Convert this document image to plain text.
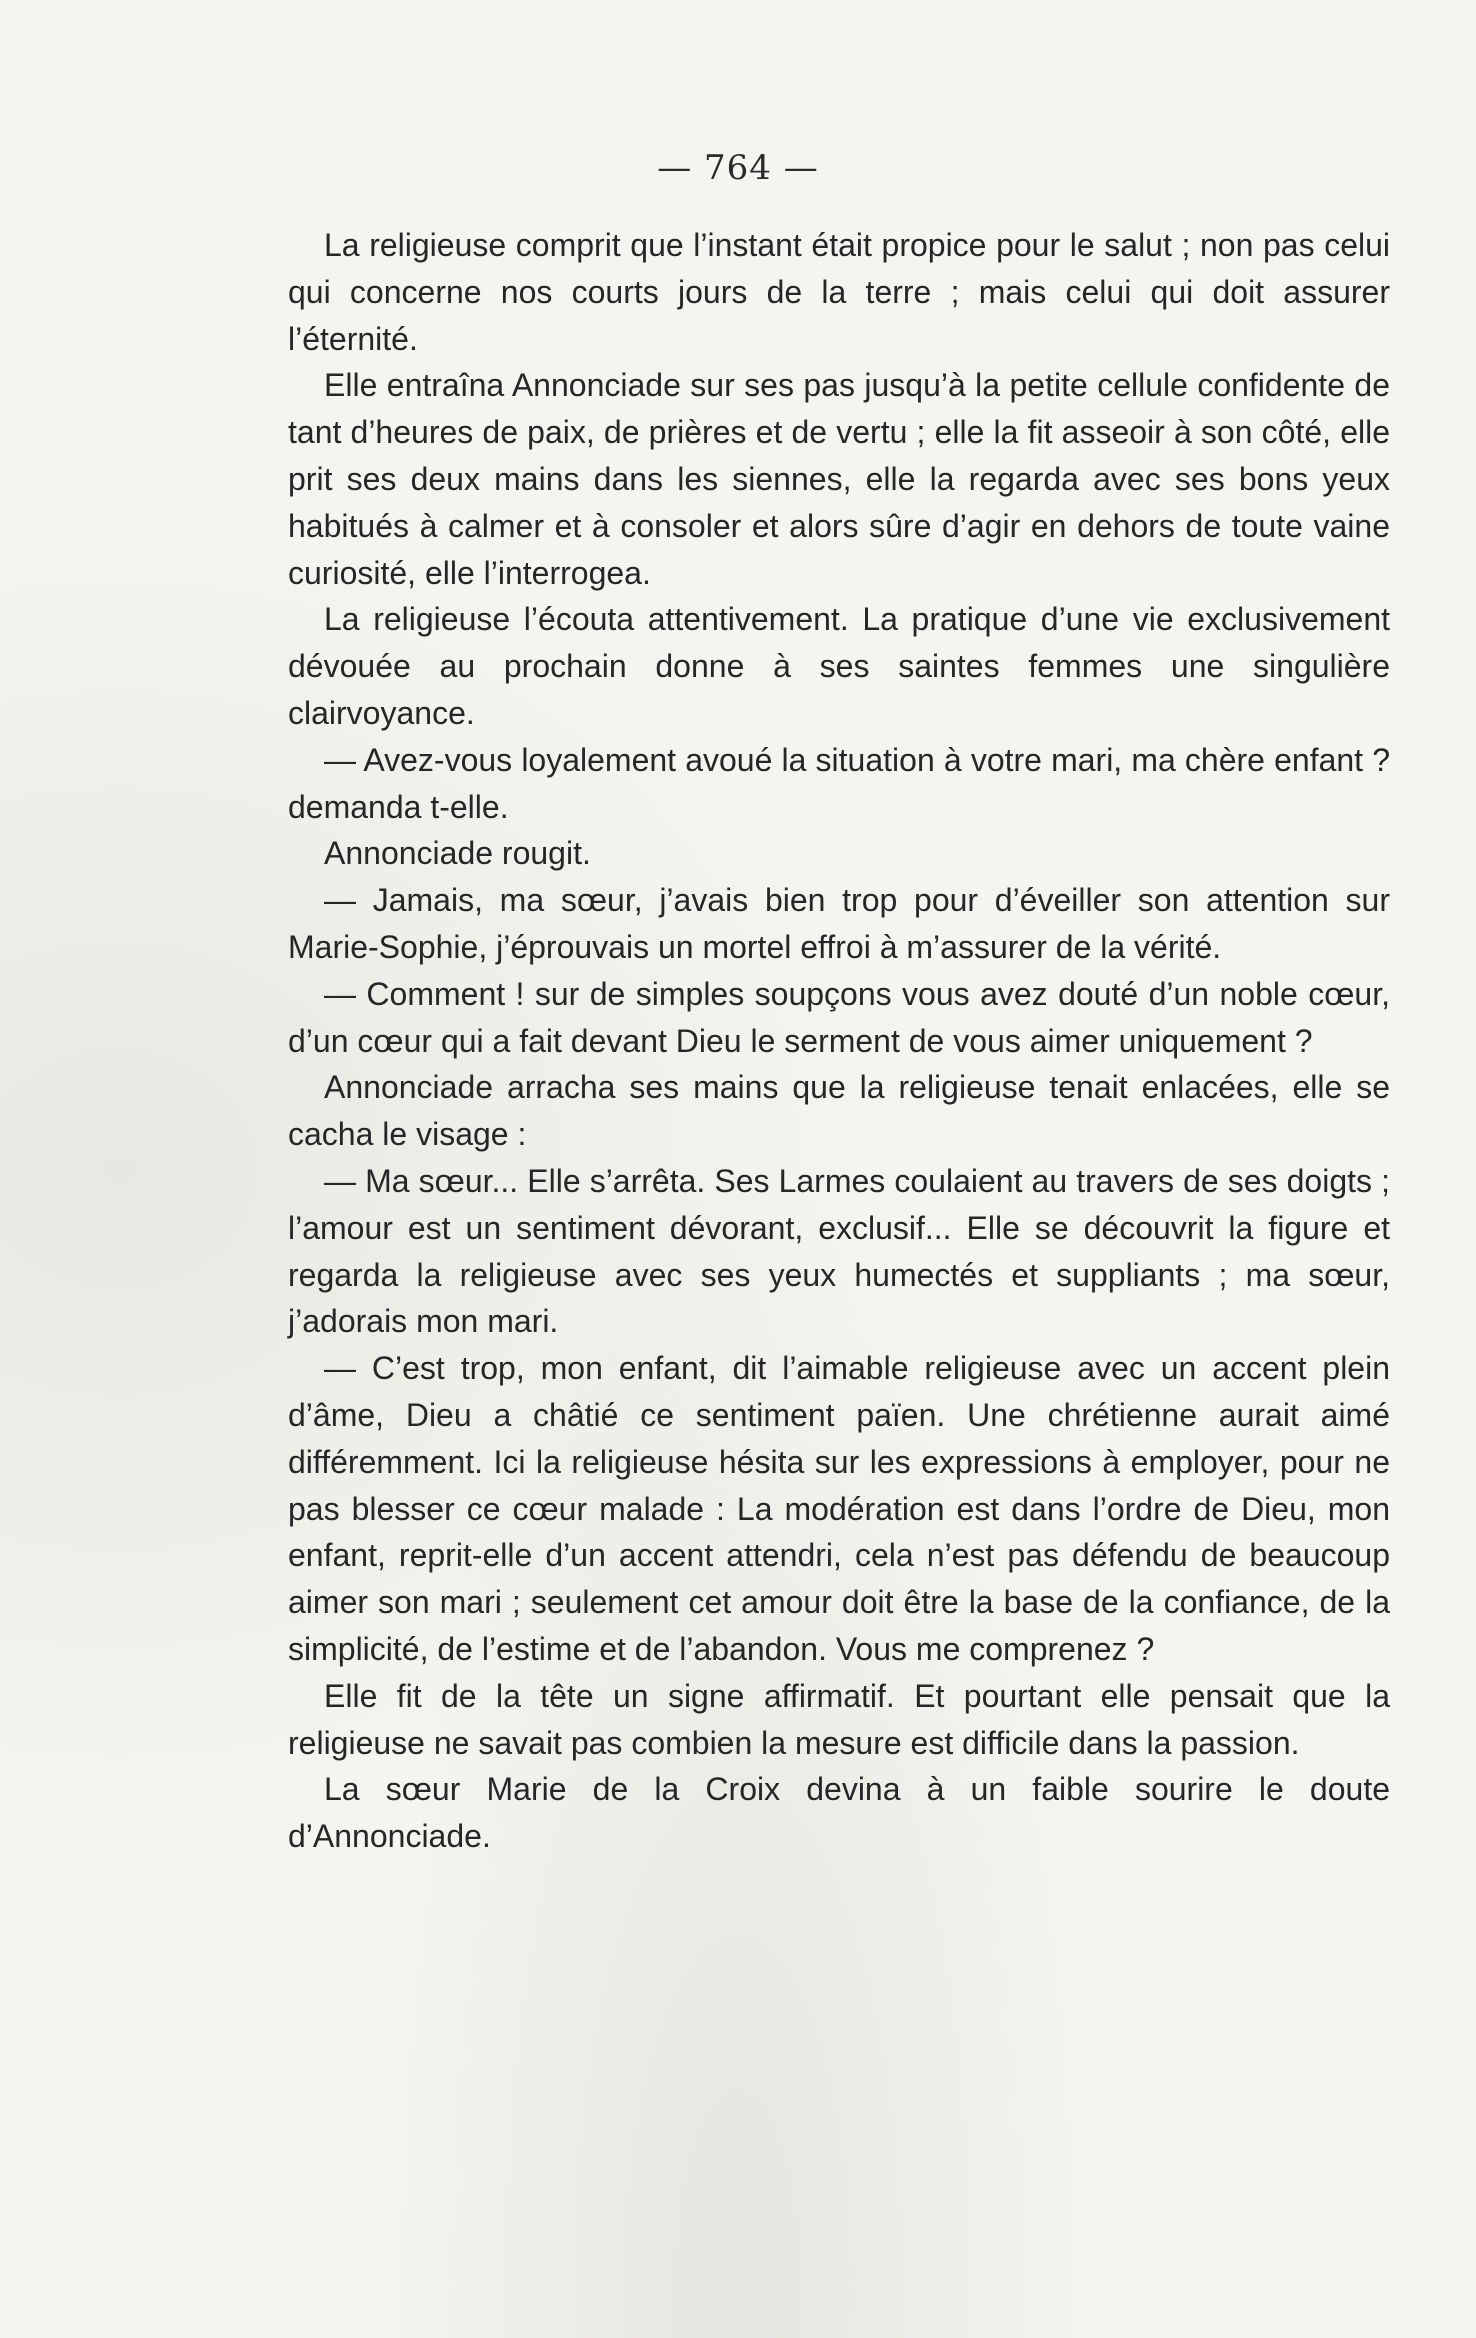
— 764 —

La religieuse comprit que l’instant était propice pour le salut ; non pas celui qui concerne nos courts jours de la terre ; mais celui qui doit assurer l’éternité.

Elle entraîna Annonciade sur ses pas jusqu’à la petite cellule confidente de tant d’heures de paix, de prières et de vertu ; elle la fit asseoir à son côté, elle prit ses deux mains dans les siennes, elle la regarda avec ses bons yeux habitués à calmer et à consoler et alors sûre d’agir en dehors de toute vaine curiosité, elle l’interrogea.

La religieuse l’écouta attentivement. La pratique d’une vie exclusivement dévouée au prochain donne à ses saintes femmes une singulière clairvoyance.

— Avez-vous loyalement avoué la situation à votre mari, ma chère enfant ? demanda t-elle.

Annonciade rougit.

— Jamais, ma sœur, j’avais bien trop pour d’éveiller son attention sur Marie-Sophie, j’éprouvais un mortel effroi à m’assurer de la vérité.

— Comment ! sur de simples soupçons vous avez douté d’un noble cœur, d’un cœur qui a fait devant Dieu le serment de vous aimer uniquement ?

Annonciade arracha ses mains que la religieuse tenait enlacées, elle se cacha le visage :

— Ma sœur... Elle s’arrêta. Ses Larmes coulaient au travers de ses doigts ; l’amour est un sentiment dévorant, exclusif... Elle se découvrit la figure et regarda la religieuse avec ses yeux humectés et suppliants ; ma sœur, j’adorais mon mari.

— C’est trop, mon enfant, dit l’aimable religieuse avec un accent plein d’âme, Dieu a châtié ce sentiment païen. Une chrétienne aurait aimé différemment. Ici la religieuse hésita sur les expressions à employer, pour ne pas blesser ce cœur malade : La modération est dans l’ordre de Dieu, mon enfant, reprit-elle d’un accent attendri, cela n’est pas défendu de beaucoup aimer son mari ; seulement cet amour doit être la base de la confiance, de la simplicité, de l’estime et de l’abandon. Vous me comprenez ?

Elle fit de la tête un signe affirmatif. Et pourtant elle pensait que la religieuse ne savait pas combien la mesure est difficile dans la passion.

La sœur Marie de la Croix devina à un faible sourire le doute d’Annonciade.
